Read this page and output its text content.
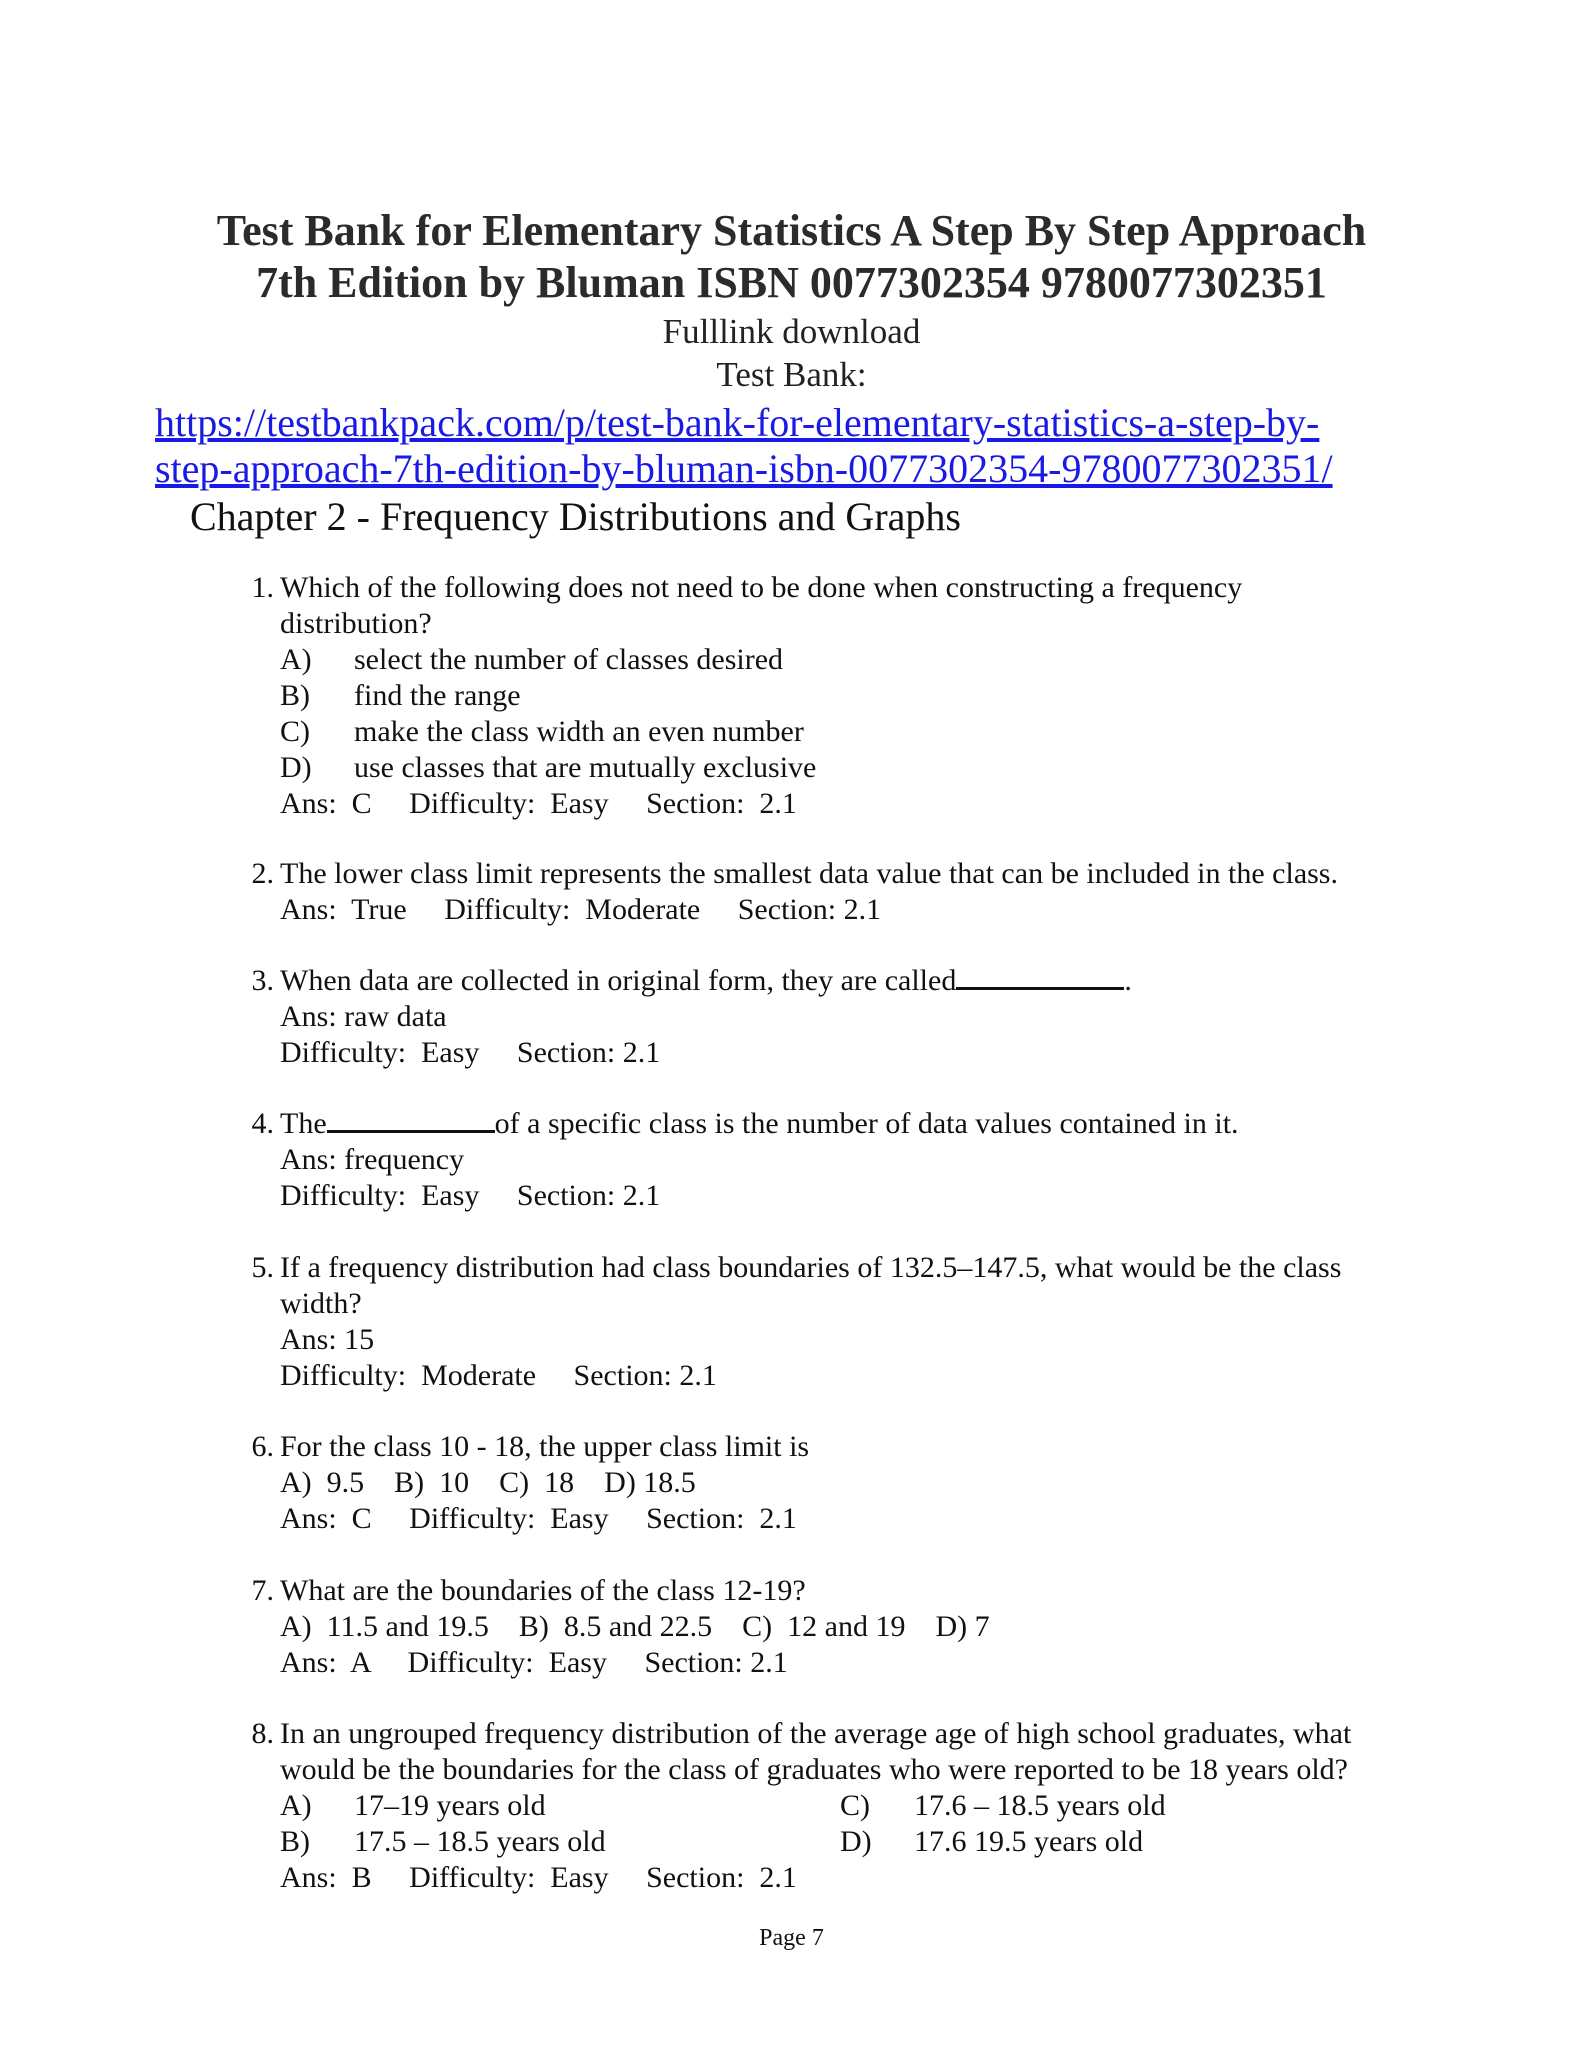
Test Bank for Elementary Statistics A Step By Step Approach
7th Edition by Bluman ISBN 0077302354 9780077302351
Fulllink download
Test Bank:
https://testbankpack.com/p/test-bank-for-elementary-statistics-a-step-by-
step-approach-7th-edition-by-bluman-isbn-0077302354-9780077302351/
Chapter 2 - Frequency Distributions and Graphs
1. Which of the following does not need to be done when constructing a frequency
distribution?
A) select the number of classes desired
B) find the range
C) make the class width an even number
D) use classes that are mutually exclusive
Ans:  C     Difficulty:  Easy     Section:  2.1
2. The lower class limit represents the smallest data value that can be included in the class.
Ans:  True     Difficulty:  Moderate     Section: 2.1
3. When data are collected in original form, they are called	.
Ans: raw data
Difficulty:  Easy     Section: 2.1
4. The	of a specific class is the number of data values contained in it.
Ans: frequency
Difficulty:  Easy     Section: 2.1
5. If a frequency distribution had class boundaries of 132.5–147.5, what would be the class
width?
Ans: 15
Difficulty:  Moderate     Section: 2.1
6. For the class 10 - 18, the upper class limit is
A)  9.5    B)  10    C)  18    D) 18.5
Ans:  C     Difficulty:  Easy     Section:  2.1
7. What are the boundaries of the class 12-19?
A)  11.5 and 19.5    B)  8.5 and 22.5    C)  12 and 19    D) 7
Ans:  A     Difficulty:  Easy     Section: 2.1
8. In an ungrouped frequency distribution of the average age of high school graduates, what
would be the boundaries for the class of graduates who were reported to be 18 years old?
A) 17–19 years old
B) 17.5 – 18.5 years old
C) 17.6 – 18.5 years old
D) 17.6 19.5 years old
Ans:  B     Difficulty:  Easy     Section:  2.1
Page 7
